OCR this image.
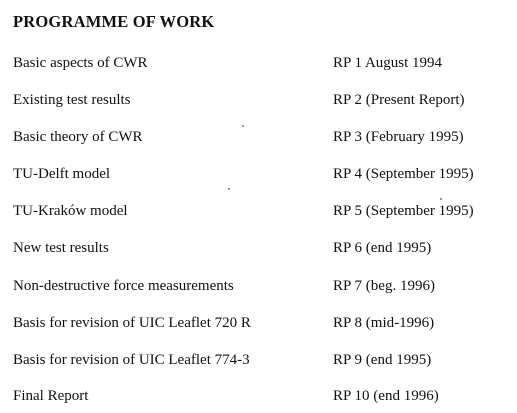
PROGRAMME OF WORK
Basic aspects of CWR	RP 1 August 1994
Existing test results	RP 2 (Present Report)
Basic theory of CWR	RP 3 (February 1995)
TU-Delft model	RP 4 (September 1995)
TU-Kraków model	RP 5 (September 1995)
New test results	RP 6 (end 1995)
Non-destructive force measurements	RP 7 (beg. 1996)
Basis for revision of UIC Leaflet 720 R	RP 8 (mid-1996)
Basis for revision of UIC Leaflet 774-3	RP 9 (end 1995)
Final Report	RP 10 (end 1996)
